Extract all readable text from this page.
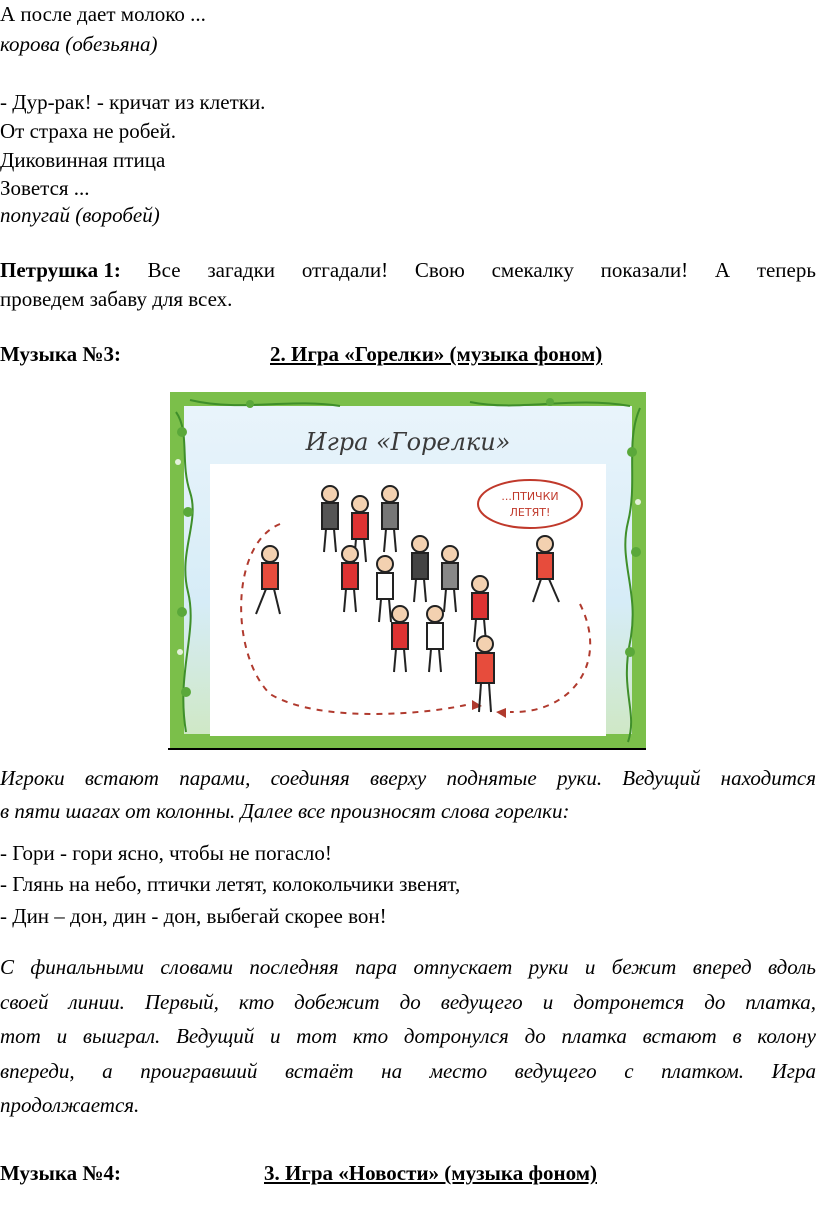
А после дает молоко ...
корова (обезьяна)
- Дур-рак! - кричат из клетки.
От страха не робей.
Диковинная птица
Зовется ...
попугай (воробей)
Петрушка 1: Все загадки отгадали! Свою смекалку показали! А теперь
проведем забаву для всех.
Музыка №3:	2. Игра «Горелки» (музыка фоном)
Игра «Горелки»
...ПТИЧКИ
ЛЕТЯТ!
Игроки встают парами, соединяя вверху поднятые руки. Ведущий находится
в пяти шагах от колонны. Далее все произносят слова горелки:
- Гори - гори ясно, чтобы не погасло!
- Глянь на небо, птички летят, колокольчики звенят,
- Дин – дон, дин - дон, выбегай скорее вон!
С финальными словами последняя пара отпускает руки и бежит вперед вдоль
своей линии. Первый, кто добежит до ведущего и дотронется до платка,
тот и выиграл. Ведущий и тот кто дотронулся до платка встают в колону
впереди, а проигравший встаёт на место ведущего с платком. Игра
продолжается.
Музыка №4:	3. Игра «Новости» (музыка фоном)
